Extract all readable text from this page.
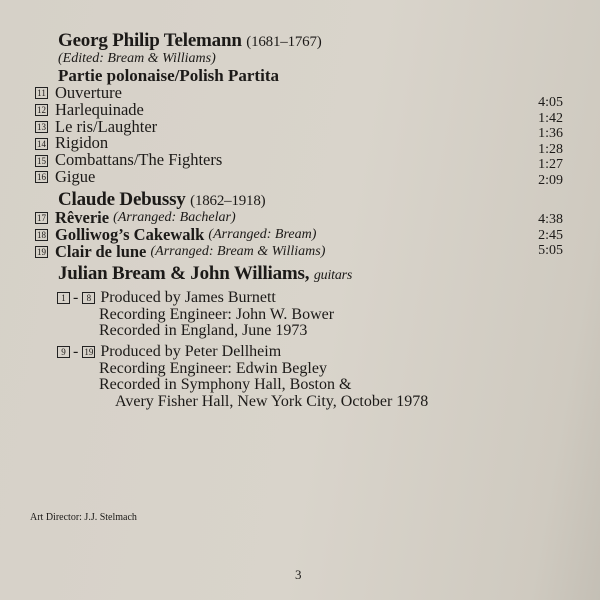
Georg Philip Telemann (1681–1767)
(Edited: Bream & Williams)
Partie polonaise/Polish Partita
11 Ouverture
12 Harlequinade
13 Le ris/Laughter
14 Rigidon
15 Combattans/The Fighters
16 Gigue
4:05
1:42
1:36
1:28
1:27
2:09
Claude Debussy (1862–1918)
17 Rêverie
(Arranged: Bachelar)
18 Golliwog’s Cakewalk
(Arranged: Bream)
19 Clair de lune
(Arranged: Bream & Williams)
4:38
2:45
5:05
Julian Bream & John Williams, guitars
1 - 8 Produced by James Burnett
Recording Engineer: John W. Bower
Recorded in England, June 1973
9 - 19 Produced by Peter Dellheim
Recording Engineer: Edwin Begley
Recorded in Symphony Hall, Boston &
Avery Fisher Hall, New York City, October 1978
Art Director: J.J. Stelmach
3
